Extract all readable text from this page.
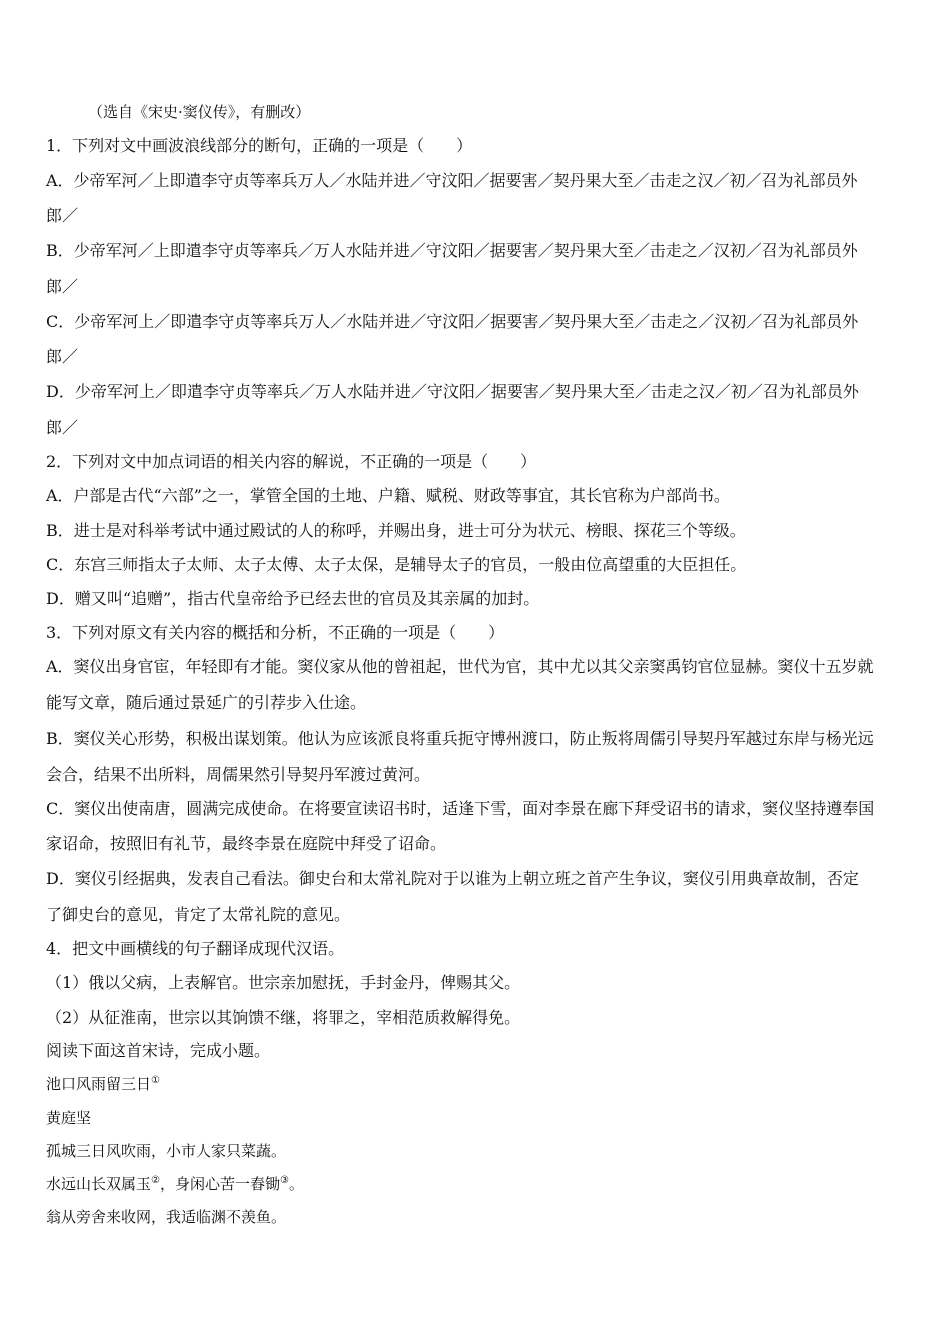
（选自《宋史·窦仪传》，有删改）
1．下列对文中画波浪线部分的断句，正确的一项是（　　）
A．少帝军河／上即遣李守贞等率兵万人／水陆并进／守汶阳／据要害／契丹果大至／击走之汉／初／召为礼部员外
郎／
B．少帝军河／上即遣李守贞等率兵／万人水陆并进／守汶阳／据要害／契丹果大至／击走之／汉初／召为礼部员外
郎／
C．少帝军河上／即遣李守贞等率兵万人／水陆并进／守汶阳／据要害／契丹果大至／击走之／汉初／召为礼部员外
郎／
D．少帝军河上／即遣李守贞等率兵／万人水陆并进／守汶阳／据要害／契丹果大至／击走之汉／初／召为礼部员外
郎／
2．下列对文中加点词语的相关内容的解说，不正确的一项是（　　）
A．户部是古代“六部”之一，掌管全国的土地、户籍、赋税、财政等事宜，其长官称为户部尚书。
B．进士是对科举考试中通过殿试的人的称呼，并赐出身，进士可分为状元、榜眼、探花三个等级。
C．东宫三师指太子太师、太子太傅、太子太保，是辅导太子的官员，一般由位高望重的大臣担任。
D．赠又叫“追赠”，指古代皇帝给予已经去世的官员及其亲属的加封。
3．下列对原文有关内容的概括和分析，不正确的一项是（　　）
A．窦仪出身官宦，年轻即有才能。窦仪家从他的曾祖起，世代为官，其中尤以其父亲窦禹钧官位显赫。窦仪十五岁就
能写文章，随后通过景延广的引荐步入仕途。
B．窦仪关心形势，积极出谋划策。他认为应该派良将重兵扼守博州渡口，防止叛将周儒引导契丹军越过东岸与杨光远
会合，结果不出所料，周儒果然引导契丹军渡过黄河。
C．窦仪出使南唐，圆满完成使命。在将要宣读诏书时，适逢下雪，面对李景在廊下拜受诏书的请求，窦仪坚持遵奉国
家诏命，按照旧有礼节，最终李景在庭院中拜受了诏命。
D．窦仪引经据典，发表自己看法。御史台和太常礼院对于以谁为上朝立班之首产生争议，窦仪引用典章故制，否定
了御史台的意见，肯定了太常礼院的意见。
4．把文中画横线的句子翻译成现代汉语。
（1）俄以父病，上表解官。世宗亲加慰抚，手封金丹，俾赐其父。
（2）从征淮南，世宗以其饷馈不继，将罪之，宰相范质救解得免。
阅读下面这首宋诗，完成小题。
池口风雨留三日①
黄庭坚
孤城三日风吹雨，小市人家只菜蔬。
水远山长双属玉②，身闲心苦一舂锄③。
翁从旁舍来收网，我适临渊不羡鱼。
